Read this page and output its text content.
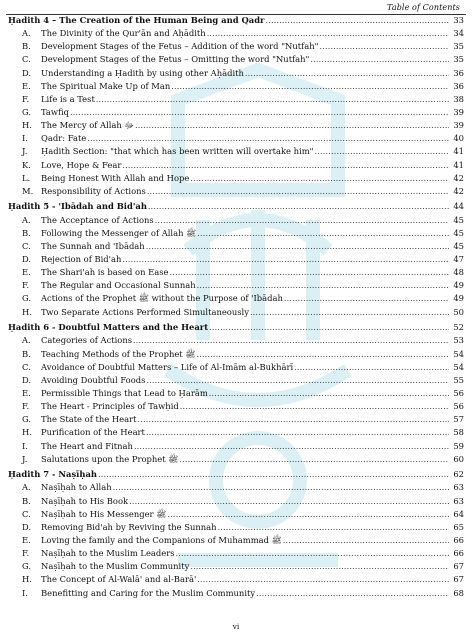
Table of Contents
Ḥadith 4 – The Creation of the Human Being and Qadr .....	33
A.	The Divinity of the Qur'ān and Aḥādith .....	34
B.	Development Stages of the Fetus – Addition of the word "Nutfah" .....	35
C.	Development Stages of the Fetus – Omitting the word "Nutfah" .....	35
D.	Understanding a Ḥadith by using other Aḥādith .....	36
E.	The Spiritual Make Up of Man .....	36
F.	Life is a Test .....	38
G.	Tawfiq .....	39
H.	The Mercy of Allah ﷻ .....	39
I.	Qadr: Fate .....	40
J.	Ḥadith Section: "that which has been written will overtake him" .....	41
K.	Love, Hope & Fear .....	41
L.	Being Honest With Allah and Hope .....	42
M. Responsibility of Actions .....	42
Ḥadith 5 - 'Ibādah and Bid'ah .....	44
A.	The Acceptance of Actions .....	45
B.	Following the Messenger of Allah ﷺ .....	45
C.	The Sunnah and 'Ibādah .....	45
D.	Rejection of Bid'ah .....	47
E.	The Shari'ah is based on Ease .....	48
F.	The Regular and Occasional Sunnah .....	49
G.	Actions of the Prophet ﷺ without the Purpose of 'Ibādah .....	49
H.	Two Separate Actions Performed Simultaneously .....	50
Ḥadith 6 - Doubtful Matters and the Heart .....	52
A.	Categories of Actions .....	53
B.	Teaching Methods of the Prophet ﷺ .....	54
C.	Avoidance of Doubtful Matters – Life of Al-Imām al-Bukhārī .....	54
D.	Avoiding Doubtful Foods .....	55
E.	Permissible Things that Lead to Ḥarām .....	56
F.	The Heart - Principles of Tawḥid .....	56
G.	The State of the Heart .....	57
H.	Purification of the Heart .....	58
I.	The Heart and Fitnah .....	59
J.	Salutations upon the Prophet ﷺ .....	60
Ḥadith 7 - Naṣīḥah .....	62
A.	Naṣīḥah to Allah .....	63
B.	Naṣīḥah to His Book .....	63
C.	Naṣīḥah to His Messenger ﷺ .....	64
D.	Removing Bid'ah by Reviving the Sunnah .....	65
E.	Loving the family and the Companions of Muhammad ﷺ .....	66
F.	Naṣīḥah to the Muslim Leaders .....	66
G.	Naṣīḥah to the Muslim Community .....	67
H.	The Concept of Al-Walā' and al-Barā' .....	67
I.	Benefitting and Caring for the Muslim Community .....	68
vi
